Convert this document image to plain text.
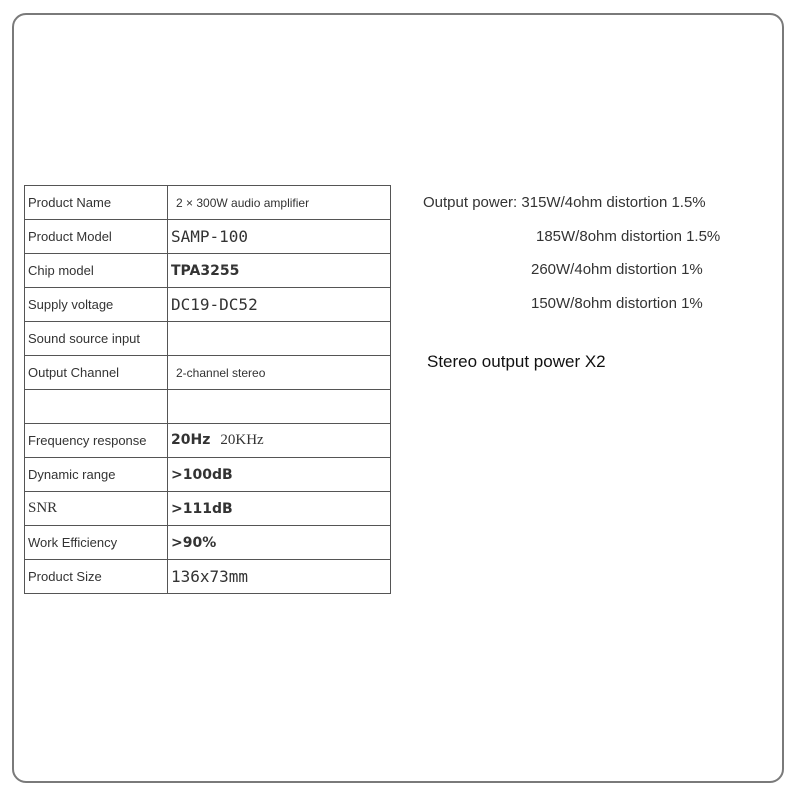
Product Name	2 × 300W audio amplifier
Product Model	SAMP-100
Chip model	TPA3255
Supply voltage	DC19-DC52
Sound source input	
Output Channel	2-channel stereo

Frequency response	20Hz 20KHz
Dynamic range	>100dB
SNR	>111dB
Work Efficiency	>90%
Product Size	136x73mm
Output power: 315W/4ohm distortion 1.5%
185W/8ohm distortion 1.5%
260W/4ohm distortion 1%
150W/8ohm distortion 1%
Stereo output power X2
